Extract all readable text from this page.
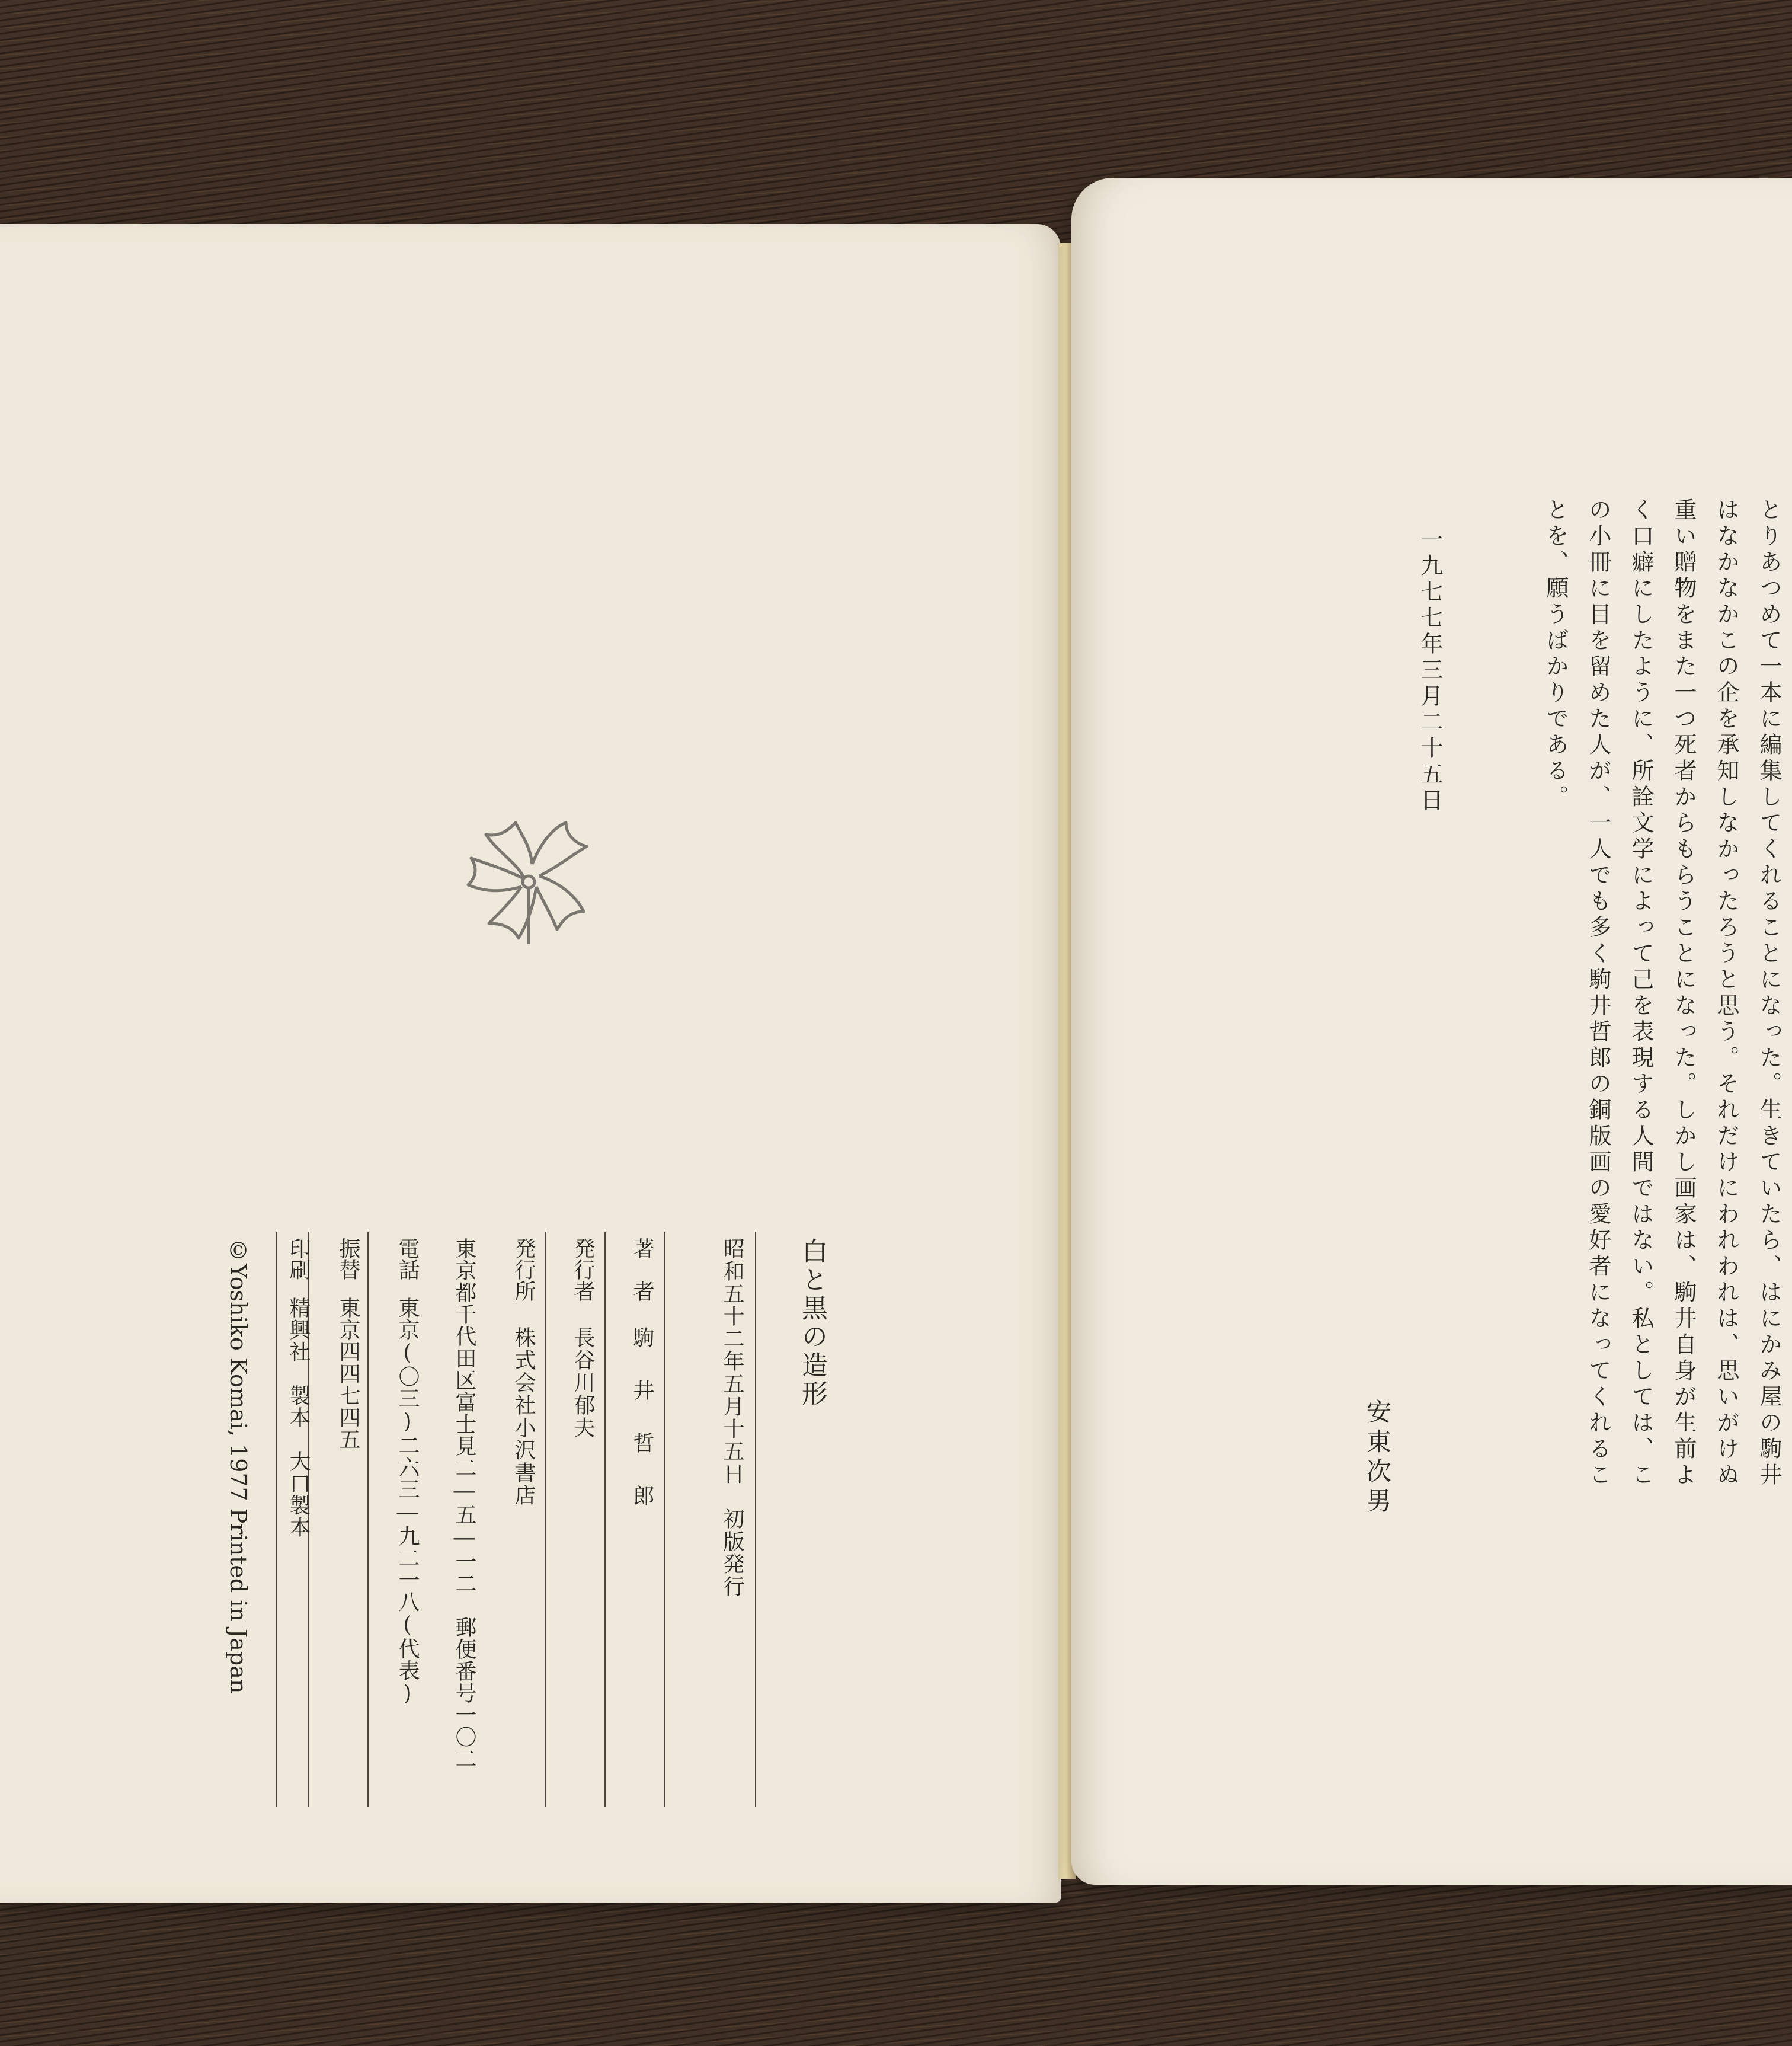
白と黒の造形
昭和五十二年五月十五日　初版発行
著　者
駒 井 哲 郎
発行者
長谷川郁夫
発行所
株式会社小沢書店
東京都千代田区富士見二―五―一二　郵便番号一〇二
電話
東京(〇三)二六三―九二一八(代表)
振替
東京四四七四五
印刷
精興社　製本　大口製本
©Yoshiko Komai, 1977 Printed in Japan	とりあつめて一本に編集してくれることになった。生きていたら、はにかみ屋の駒井
はなかなかこの企を承知しなかったろうと思う。それだけにわれわれは、思いがけぬ
重い贈物をまた一つ死者からもらうことになった。しかし画家は、駒井自身が生前よ
く口癖にしたように、所詮文学によって己を表現する人間ではない。私としては、こ
の小冊に目を留めた人が、一人でも多く駒井哲郎の銅版画の愛好者になってくれるこ
とを、願うばかりである。
一九七七年三月二十五日
安東次男
